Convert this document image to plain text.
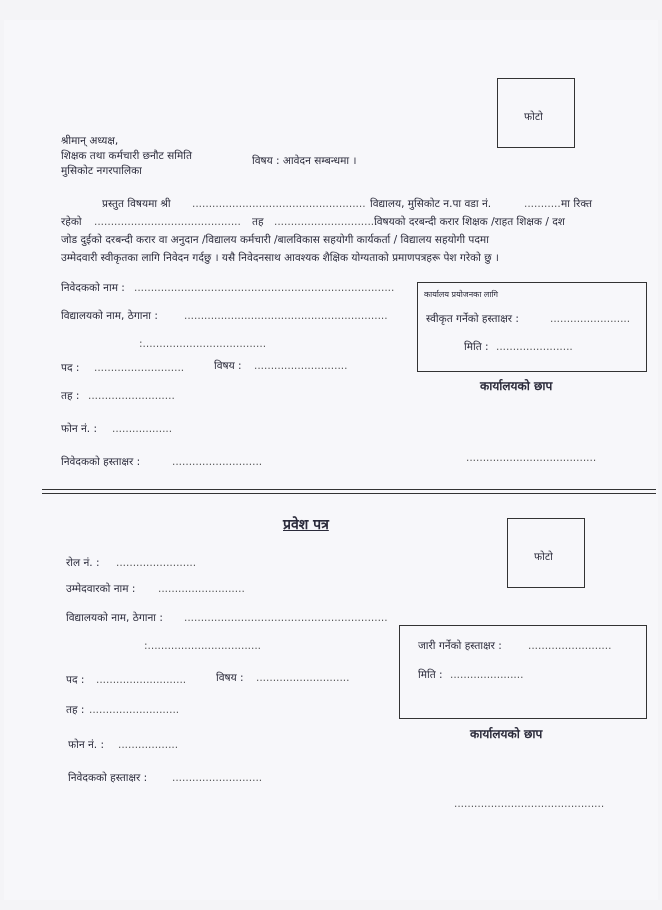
श्रीमान् अध्यक्ष,
शिक्षक तथा कर्मचारी छनौट समिति
मुसिकोट नगरपालिका
फोटो
विषय : आवेदन सम्बन्धमा ।
प्रस्तुत विषयमा श्री .................................................... विद्यालय, मुसिकोट न.पा वडा नं.	........... मा रिक्त
रहेको ............................................ तह ...............................
विषयको दरबन्दी करार शिक्षक /राहत शिक्षक / दश
जोड दुईको दरबन्दी करार वा अनुदान /विद्यालय कर्मचारी /बालविकास सहयोगी कार्यकर्ता / विद्यालय सहयोगी पदमा
उम्मेदवारी स्वीकृतका लागि निवेदन गर्दछु । यसै निवेदनसाथ आवश्यक शैक्षिक योग्यताको प्रमाणपत्रहरू पेश गरेको छु ।
निवेदकको नाम : ..............................................................................
विद्यालयको नाम, ठेगाना : .............................................................
:.....................................
पद : ...........................	विषय : ............................
तह : ..........................
फोन नं. : ..................
निवेदकको हस्ताक्षर :	...........................
कार्यालय प्रयोजनका लागि
स्वीकृत गर्नेको हस्ताक्षर :	........................
मिति : .......................
कार्यालयको छाप
.......................................
प्रवेश पत्र
फोटो
रोल नं. : ........................
उम्मेदवारको नाम : ..........................
विद्यालयको नाम, ठेगाना : .............................................................
:..................................
पद : ...........................	विषय : ............................
तह : ...........................
फोन नं. : ..................
निवेदकको हस्ताक्षर : ...........................
जारी गर्नेको हस्ताक्षर : .........................
मिति : ......................
कार्यालयको छाप
.............................................
